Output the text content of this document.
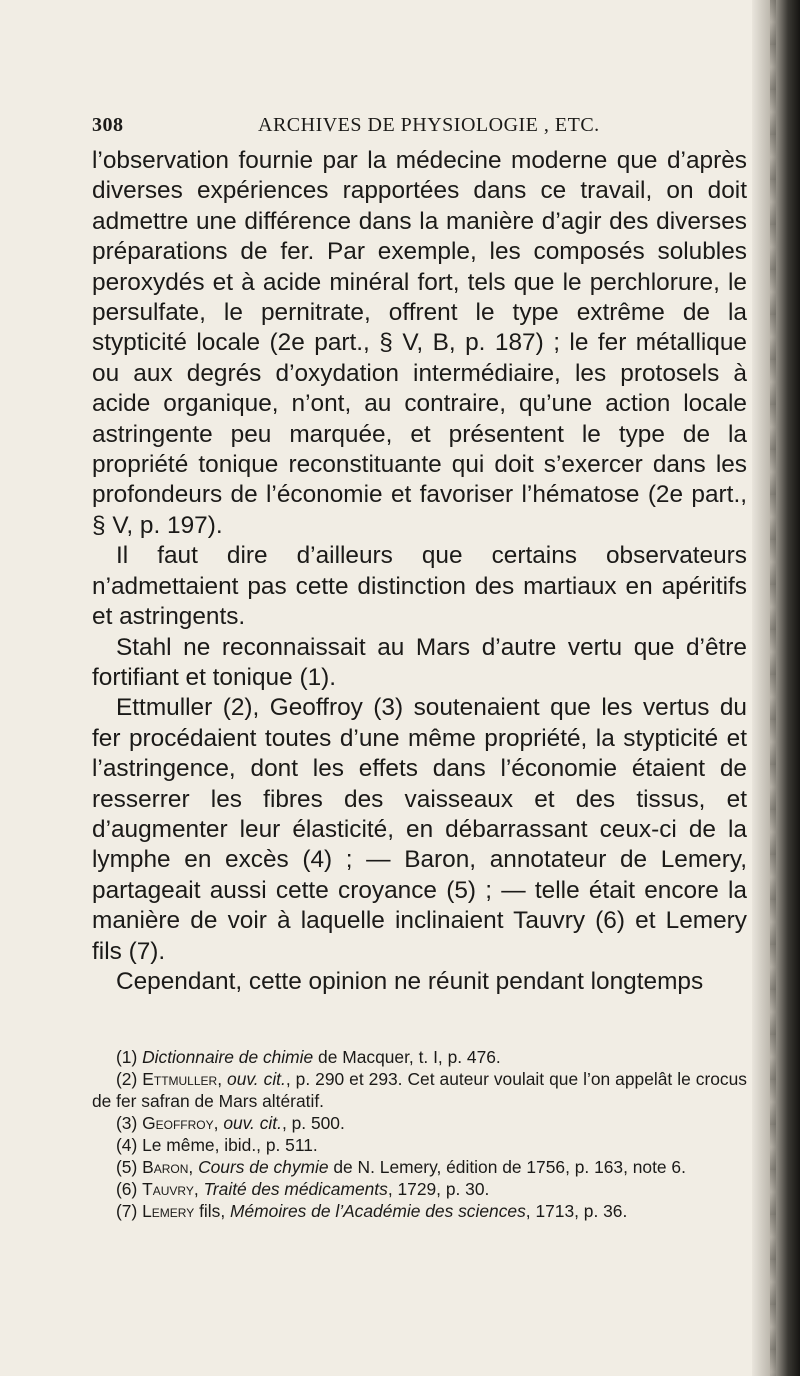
308	ARCHIVES DE PHYSIOLOGIE , ETC.

l’observation fournie par la médecine moderne que d’après diverses expériences rapportées dans ce travail, on doit admettre une différence dans la manière d’agir des diverses préparations de fer. Par exemple, les composés solubles peroxydés et à acide minéral fort, tels que le perchlorure, le persulfate, le pernitrate, offrent le type extrême de la stypticité locale (2e part., § V, B, p. 187) ; le fer métallique ou aux degrés d’oxydation intermédiaire, les protosels à acide organique, n’ont, au contraire, qu’une action locale astringente peu marquée, et présentent le type de la propriété tonique reconstituante qui doit s’exercer dans les profondeurs de l’économie et favoriser l’hématose (2e part., § V, p. 197).

Il faut dire d’ailleurs que certains observateurs n’admettaient pas cette distinction des martiaux en apéritifs et astringents.

Stahl ne reconnaissait au Mars d’autre vertu que d’être fortifiant et tonique (1).

Ettmuller (2), Geoffroy (3) soutenaient que les vertus du fer procédaient toutes d’une même propriété, la stypticité et l’astringence, dont les effets dans l’économie étaient de resserrer les fibres des vaisseaux et des tissus, et d’augmenter leur élasticité, en débarrassant ceux-ci de la lymphe en excès (4) ; — Baron, annotateur de Lemery, partageait aussi cette croyance (5) ; — telle était encore la manière de voir à laquelle inclinaient Tauvry (6) et Lemery fils (7).

Cependant, cette opinion ne réunit pendant longtemps

(1) Dictionnaire de chimie de Macquer, t. I, p. 476.

(2) Ettmuller, ouv. cit., p. 290 et 293. Cet auteur voulait que l’on appelât le crocus de fer safran de Mars altératif.

(3) Geoffroy, ouv. cit., p. 500.

(4) Le même, ibid., p. 511.

(5) Baron, Cours de chymie de N. Lemery, édition de 1756, p. 163, note 6.

(6) Tauvry, Traité des médicaments, 1729, p. 30.

(7) Lemery fils, Mémoires de l’Académie des sciences, 1713, p. 36.
